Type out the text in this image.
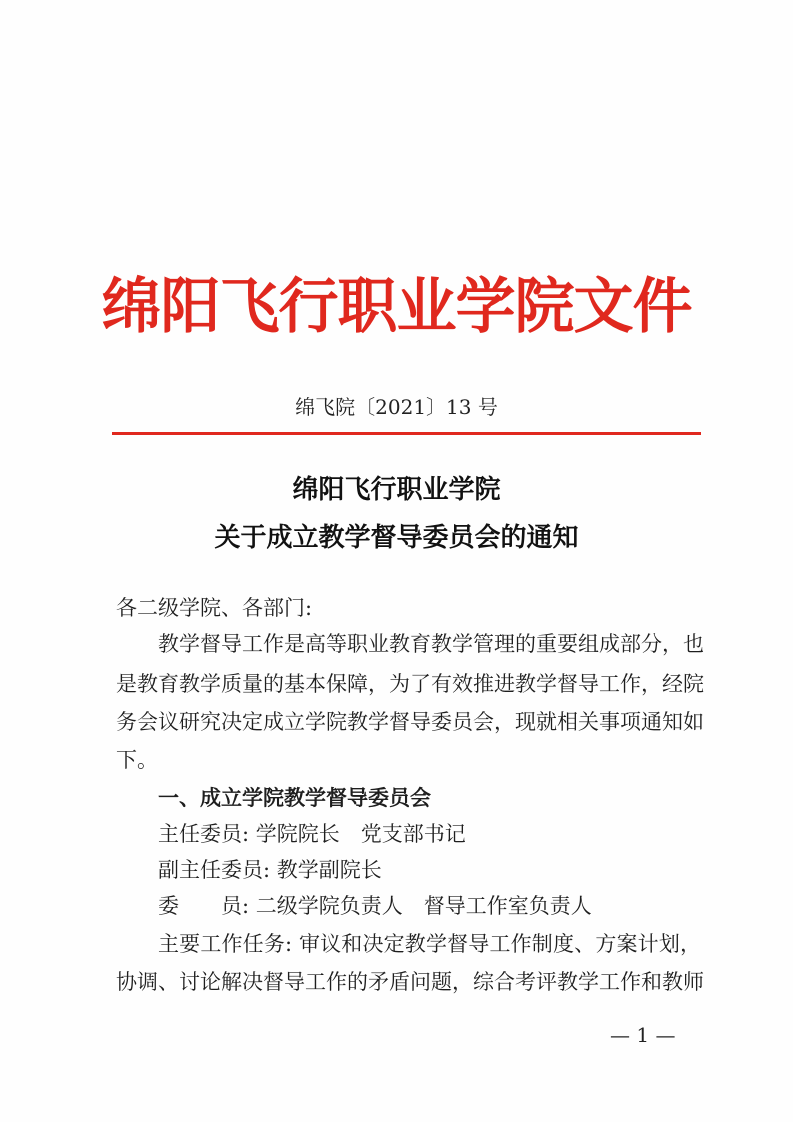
绵阳飞行职业学院文件
绵飞院〔2021〕13 号
绵阳飞行职业学院
关于成立教学督导委员会的通知
各二级学院、各部门:
教学督导工作是高等职业教育教学管理的重要组成部分，也
是教育教学质量的基本保障，为了有效推进教学督导工作，经院
务会议研究决定成立学院教学督导委员会，现就相关事项通知如
下。
一、成立学院教学督导委员会
主任委员: 学院院长　党支部书记
副主任委员: 教学副院长
委　　员: 二级学院负责人　督导工作室负责人
主要工作任务: 审议和决定教学督导工作制度、方案计划，
协调、讨论解决督导工作的矛盾问题，综合考评教学工作和教师
— 1 —
